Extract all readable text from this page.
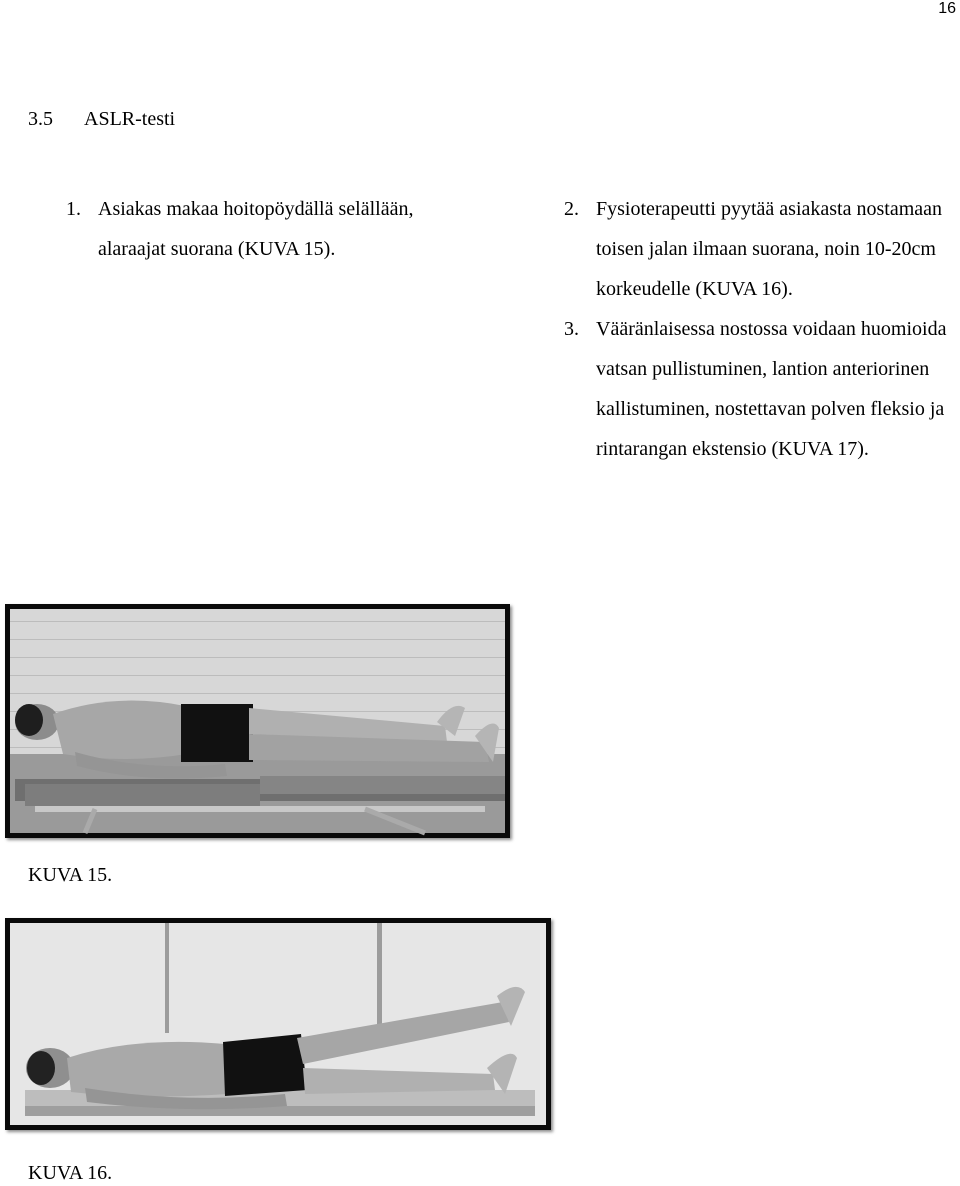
16
3.5 ASLR-testi
1. Asiakas makaa hoitopöydällä selällään, alaraajat suorana (KUVA 15).
2. Fysioterapeutti pyytää asiakasta nostamaan toisen jalan ilmaan suorana, noin 10-20cm korkeudelle (KUVA 16).
3. Vääränlaisessa nostossa voidaan huomioida vatsan pullistuminen, lantion anteriorinen kallistuminen, nostettavan polven fleksio ja rintarangan ekstensio (KUVA 17).
KUVA 15.
KUVA 16.
